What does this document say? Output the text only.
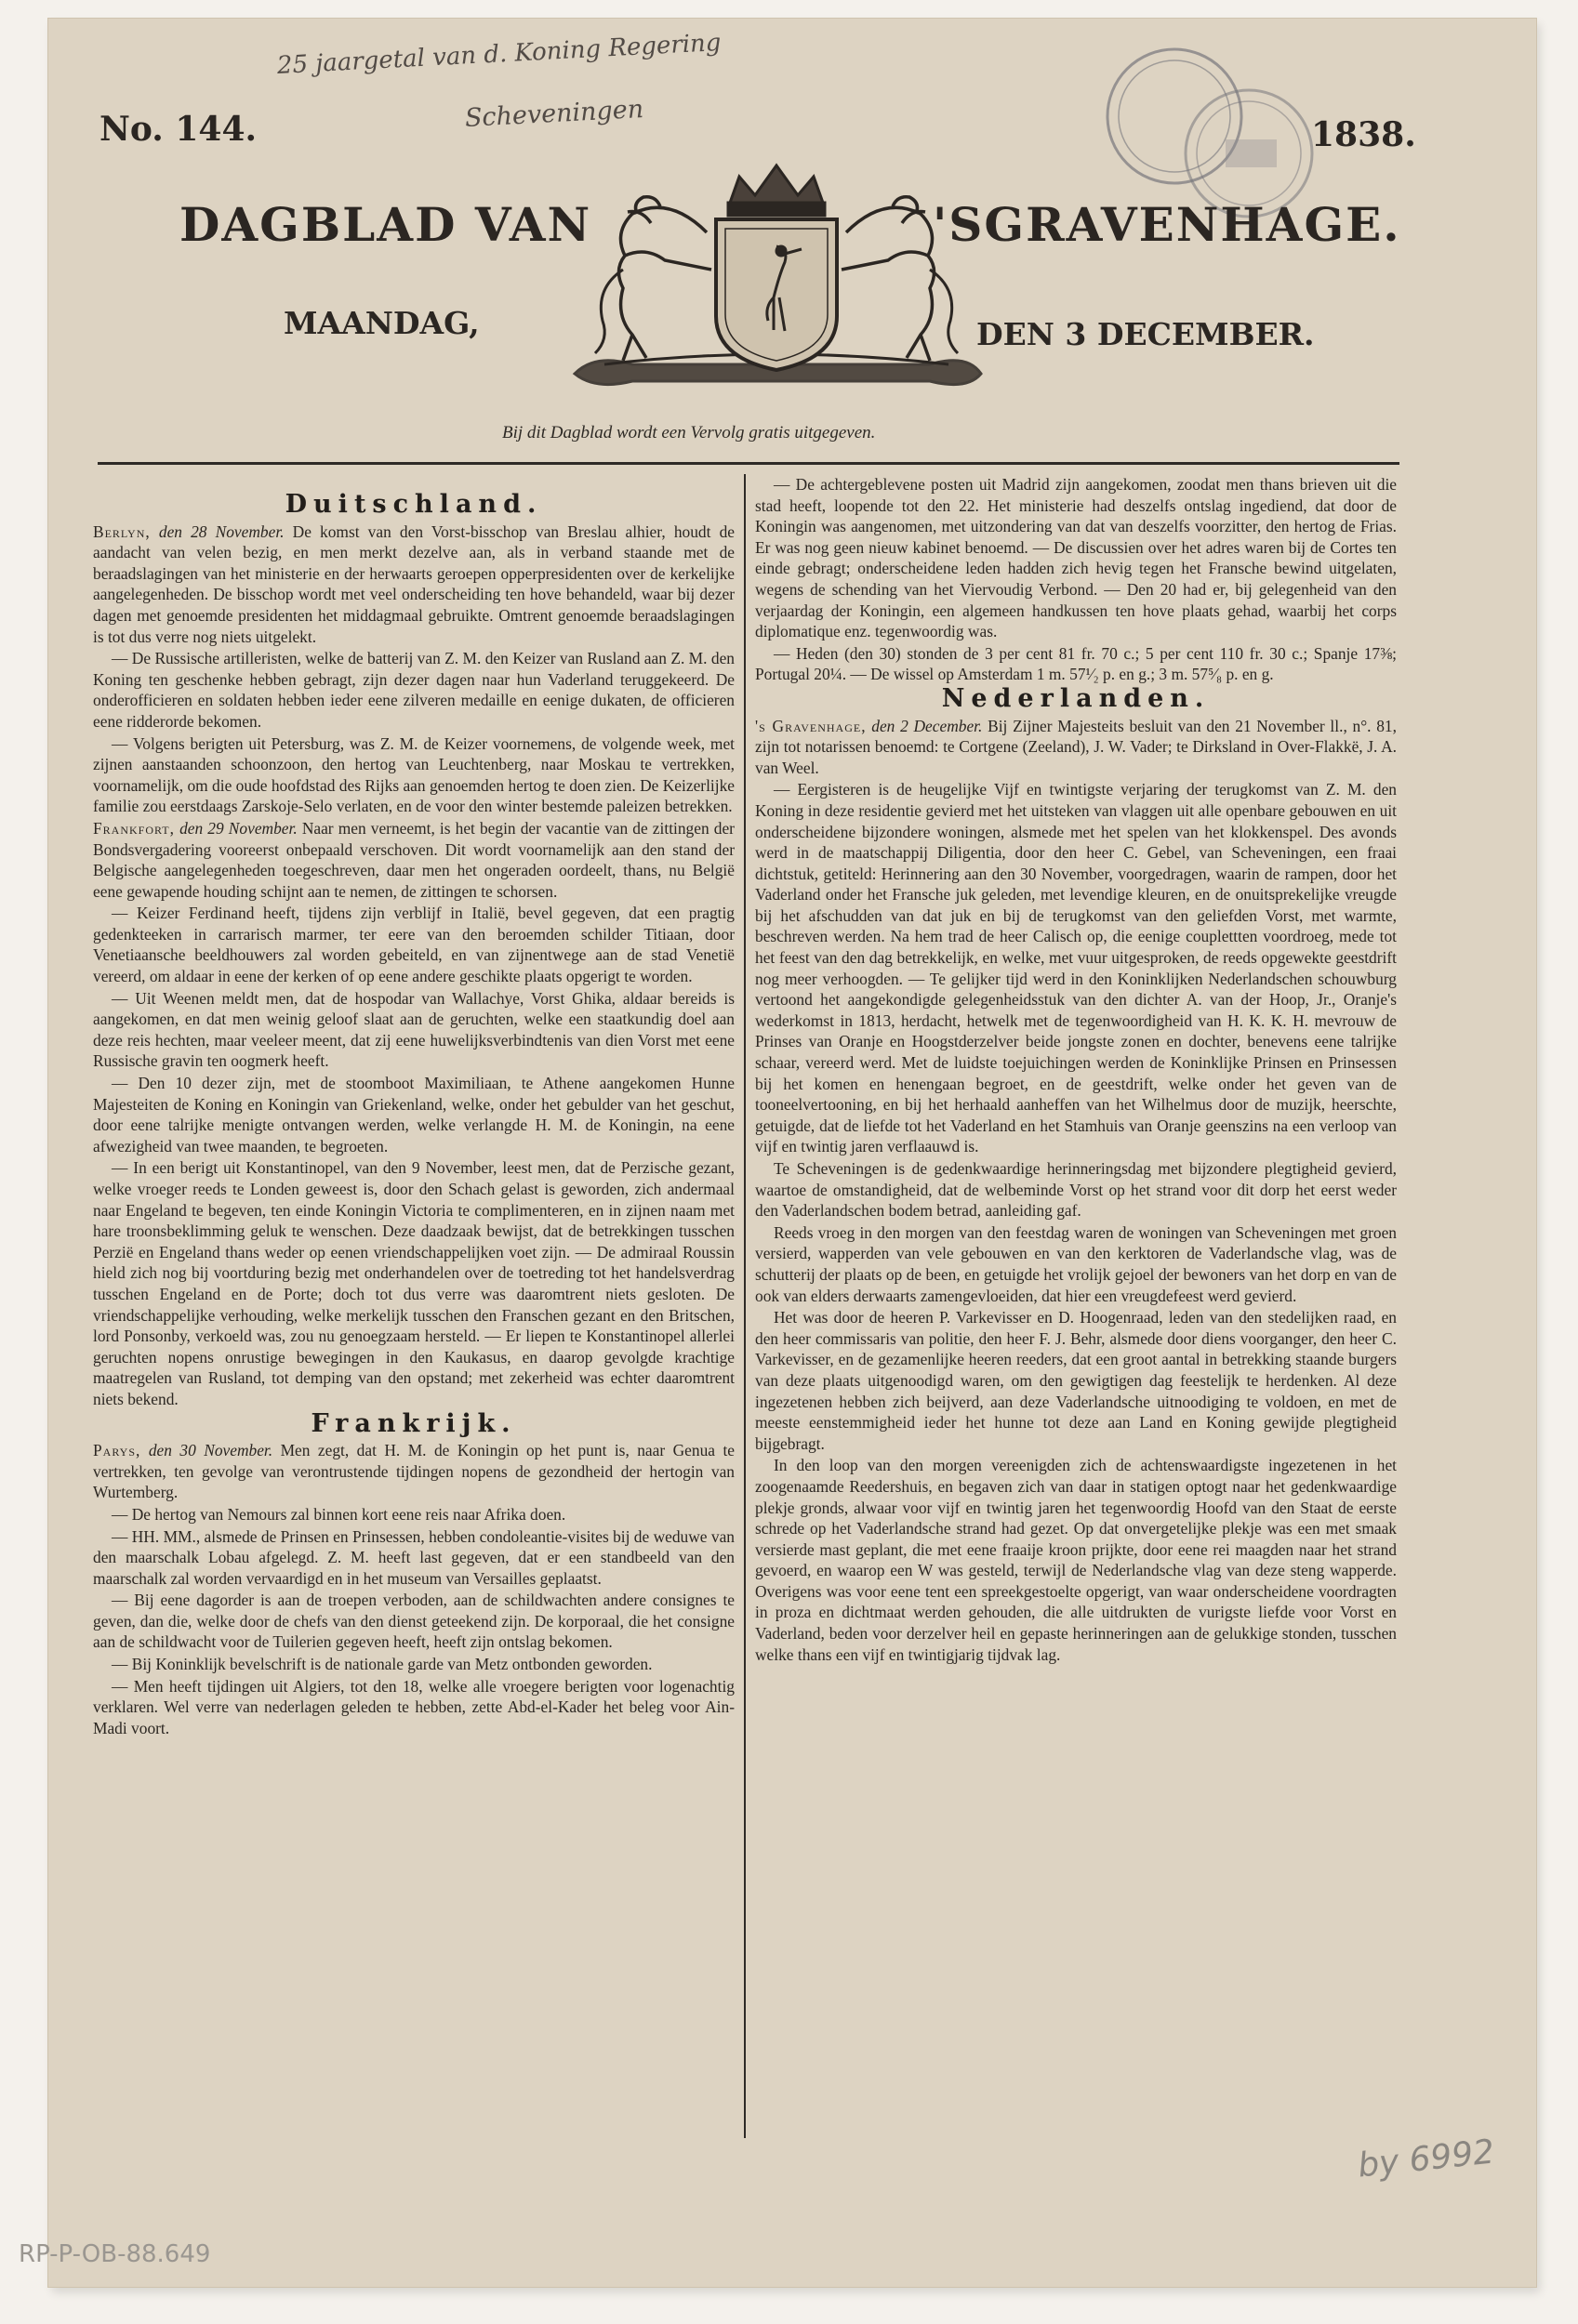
25 jaargetal van d. Koning Regering
Scheveningen
No. 144.	1838.
DAGBLAD VAN	'SGRAVENHAGE.
MAANDAG,	DEN 3 DECEMBER.
Bij dit Dagblad wordt een Vervolg gratis uitgegeven.
Duitschland.

Berlyn, den 28 November. De komst van den Vorst-bisschop van Breslau alhier, houdt de aandacht van velen bezig, en men merkt dezelve aan, als in verband staande met de beraadslagingen van het ministerie en der herwaarts geroepen opperpresidenten over de kerkelijke aangelegenheden. De bisschop wordt met veel onderscheiding ten hove behandeld, waar bij dezer dagen met genoemde presidenten het middagmaal gebruikte. Omtrent genoemde beraadslagingen is tot dus verre nog niets uitgelekt.

— De Russische artilleristen, welke de batterij van Z. M. den Keizer van Rusland aan Z. M. den Koning ten geschenke hebben gebragt, zijn dezer dagen naar hun Vaderland teruggekeerd. De onderofficieren en soldaten hebben ieder eene zilveren medaille en eenige dukaten, de officieren eene ridderorde bekomen.

— Volgens berigten uit Petersburg, was Z. M. de Keizer voornemens, de volgende week, met zijnen aanstaanden schoonzoon, den hertog van Leuchtenberg, naar Moskau te vertrekken, voornamelijk, om die oude hoofdstad des Rijks aan genoemden hertog te doen zien. De Keizerlijke familie zou eerstdaags Zarskoje-Selo verlaten, en de voor den winter bestemde paleizen betrekken.

Frankfort, den 29 November. Naar men verneemt, is het begin der vacantie van de zittingen der Bondsvergadering vooreerst onbepaald verschoven. Dit wordt voornamelijk aan den stand der Belgische aangelegenheden toegeschreven, daar men het ongeraden oordeelt, thans, nu België eene gewapende houding schijnt aan te nemen, de zittingen te schorsen.

— Keizer Ferdinand heeft, tijdens zijn verblijf in Italië, bevel gegeven, dat een pragtig gedenkteeken in carrarisch marmer, ter eere van den beroemden schilder Titiaan, door Venetiaansche beeldhouwers zal worden gebeiteld, en van zijnentwege aan de stad Venetië vereerd, om aldaar in eene der kerken of op eene andere geschikte plaats opgerigt te worden.

— Uit Weenen meldt men, dat de hospodar van Wallachye, Vorst Ghika, aldaar bereids is aangekomen, en dat men weinig geloof slaat aan de geruchten, welke een staatkundig doel aan deze reis hechten, maar veeleer meent, dat zij eene huwelijksverbindtenis van dien Vorst met eene Russische gravin ten oogmerk heeft.

— Den 10 dezer zijn, met de stoomboot Maximiliaan, te Athene aangekomen Hunne Majesteiten de Koning en Koningin van Griekenland, welke, onder het gebulder van het geschut, door eene talrijke menigte ontvangen werden, welke verlangde H. M. de Koningin, na eene afwezigheid van twee maanden, te begroeten.

— In een berigt uit Konstantinopel, van den 9 November, leest men, dat de Perzische gezant, welke vroeger reeds te Londen geweest is, door den Schach gelast is geworden, zich andermaal naar Engeland te begeven, ten einde Koningin Victoria te complimenteren, en in zijnen naam met hare troonsbeklimming geluk te wenschen. Deze daadzaak bewijst, dat de betrekkingen tusschen Perzië en Engeland thans weder op eenen vriendschappelijken voet zijn. — De admiraal Roussin hield zich nog bij voortduring bezig met onderhandelen over de toetreding tot het handelsverdrag tusschen Engeland en de Porte; doch tot dus verre was daaromtrent niets gesloten. De vriendschappelijke verhouding, welke merkelijk tusschen den Franschen gezant en den Britschen, lord Ponsonby, verkoeld was, zou nu genoegzaam hersteld. — Er liepen te Konstantinopel allerlei geruchten nopens onrustige bewegingen in den Kaukasus, en daarop gevolgde krachtige maatregelen van Rusland, tot demping van den opstand; met zekerheid was echter daaromtrent niets bekend.

Frankrijk.

Parys, den 30 November. Men zegt, dat H. M. de Koningin op het punt is, naar Genua te vertrekken, ten gevolge van verontrustende tijdingen nopens de gezondheid der hertogin van Wurtemberg.

— De hertog van Nemours zal binnen kort eene reis naar Afrika doen.

— HH. MM., alsmede de Prinsen en Prinsessen, hebben condoleantie-visites bij de weduwe van den maarschalk Lobau afgelegd. Z. M. heeft last gegeven, dat er een standbeeld van den maarschalk zal worden vervaardigd en in het museum van Versailles geplaatst.

— Bij eene dagorder is aan de troepen verboden, aan de schildwachten andere consignes te geven, dan die, welke door de chefs van den dienst geteekend zijn. De korporaal, die het consigne aan de schildwacht voor de Tuilerien gegeven heeft, heeft zijn ontslag bekomen.

— Bij Koninklijk bevelschrift is de nationale garde van Metz ontbonden geworden.

— Men heeft tijdingen uit Algiers, tot den 18, welke alle vroegere berigten voor logenachtig verklaren. Wel verre van nederlagen geleden te hebben, zette Abd-el-Kader het beleg voor Ain-Madi voort.

— De achtergeblevene posten uit Madrid zijn aangekomen, zoodat men thans brieven uit die stad heeft, loopende tot den 22. Het ministerie had deszelfs ontslag ingediend, dat door de Koningin was aangenomen, met uitzondering van dat van deszelfs voorzitter, den hertog de Frias. Er was nog geen nieuw kabinet benoemd. — De discussien over het adres waren bij de Cortes ten einde gebragt; onderscheidene leden hadden zich hevig tegen het Fransche bewind uitgelaten, wegens de schending van het Viervoudig Verbond. — Den 20 had er, bij gelegenheid van den verjaardag der Koningin, een algemeen handkussen ten hove plaats gehad, waarbij het corps diplomatique enz. tegenwoordig was.

— Heden (den 30) stonden de 3 per cent 81 fr. 70 c.; 5 per cent 110 fr. 30 c.; Spanje 17⅜; Portugal 20¼. — De wissel op Amsterdam 1 m. 57¹⁄₂ p. en g.; 3 m. 57⁵⁄₈ p. en g.

Nederlanden.

's Gravenhage, den 2 December. Bij Zijner Majesteits besluit van den 21 November ll., n°. 81, zijn tot notarissen benoemd: te Cortgene (Zeeland), J. W. Vader; te Dirksland in Over-Flakkë, J. A. van Weel.

— Eergisteren is de heugelijke Vijf en twintigste verjaring der terugkomst van Z. M. den Koning in deze residentie gevierd met het uitsteken van vlaggen uit alle openbare gebouwen en uit onderscheidene bijzondere woningen, alsmede met het spelen van het klokkenspel. Des avonds werd in de maatschappij Diligentia, door den heer C. Gebel, van Scheveningen, een fraai dichtstuk, getiteld: Herinnering aan den 30 November, voorgedragen, waarin de rampen, door het Vaderland onder het Fransche juk geleden, met levendige kleuren, en de onuitsprekelijke vreugde bij het afschudden van dat juk en bij de terugkomst van den geliefden Vorst, met warmte, beschreven werden. Na hem trad de heer Calisch op, die eenige couplettten voordroeg, mede tot het feest van den dag betrekkelijk, en welke, met vuur uitgesproken, de reeds opgewekte geestdrift nog meer verhoogden. — Te gelijker tijd werd in den Koninklijken Nederlandschen schouwburg vertoond het aangekondigde gelegenheidsstuk van den dichter A. van der Hoop, Jr., Oranje's wederkomst in 1813, herdacht, hetwelk met de tegenwoordigheid van H. K. K. H. mevrouw de Prinses van Oranje en Hoogstderzelver beide jongste zonen en dochter, benevens eene talrijke schaar, vereerd werd. Met de luidste toejuichingen werden de Koninklijke Prinsen en Prinsessen bij het komen en henengaan begroet, en de geestdrift, welke onder het geven van de tooneelvertooning, en bij het herhaald aanheffen van het Wilhelmus door de muzijk, heerschte, getuigde, dat de liefde tot het Vaderland en het Stamhuis van Oranje geenszins na een verloop van vijf en twintig jaren verflaauwd is.

Te Scheveningen is de gedenkwaardige herinneringsdag met bijzondere plegtigheid gevierd, waartoe de omstandigheid, dat de welbeminde Vorst op het strand voor dit dorp het eerst weder den Vaderlandschen bodem betrad, aanleiding gaf.

Reeds vroeg in den morgen van den feestdag waren de woningen van Scheveningen met groen versierd, wapperden van vele gebouwen en van den kerktoren de Vaderlandsche vlag, was de schutterij der plaats op de been, en getuigde het vrolijk gejoel der bewoners van het dorp en van de ook van elders derwaarts zamengevloeiden, dat hier een vreugdefeest werd gevierd.

Het was door de heeren P. Varkevisser en D. Hoogenraad, leden van den stedelijken raad, en den heer commissaris van politie, den heer F. J. Behr, alsmede door diens voorganger, den heer C. Varkevisser, en de gezamenlijke heeren reeders, dat een groot aantal in betrekking staande burgers van deze plaats uitgenoodigd waren, om den gewigtigen dag feestelijk te herdenken. Al deze ingezetenen hebben zich beijverd, aan deze Vaderlandsche uitnoodiging te voldoen, en met de meeste eenstemmigheid ieder het hunne tot deze aan Land en Koning gewijde plegtigheid bijgebragt.

In den loop van den morgen vereenigden zich de achtenswaardigste ingezetenen in het zoogenaamde Reedershuis, en begaven zich van daar in statigen optogt naar het gedenkwaardige plekje gronds, alwaar voor vijf en twintig jaren het tegenwoordig Hoofd van den Staat de eerste schrede op het Vaderlandsche strand had gezet. Op dat onvergetelijke plekje was een met smaak versierde mast geplant, die met eene fraaije kroon prijkte, door eene rei maagden naar het strand gevoerd, en waarop een W was gesteld, terwijl de Nederlandsche vlag van deze steng wapperde. Overigens was voor eene tent een spreekgestoelte opgerigt, van waar onderscheidene voordragten in proza en dichtmaat werden gehouden, die alle uitdrukten de vurigste liefde voor Vorst en Vaderland, beden voor derzelver heil en gepaste herinneringen aan de gelukkige stonden, tusschen welke thans een vijf en twintigjarig tijdvak lag.

by 6992
RP-P-OB-88.649
